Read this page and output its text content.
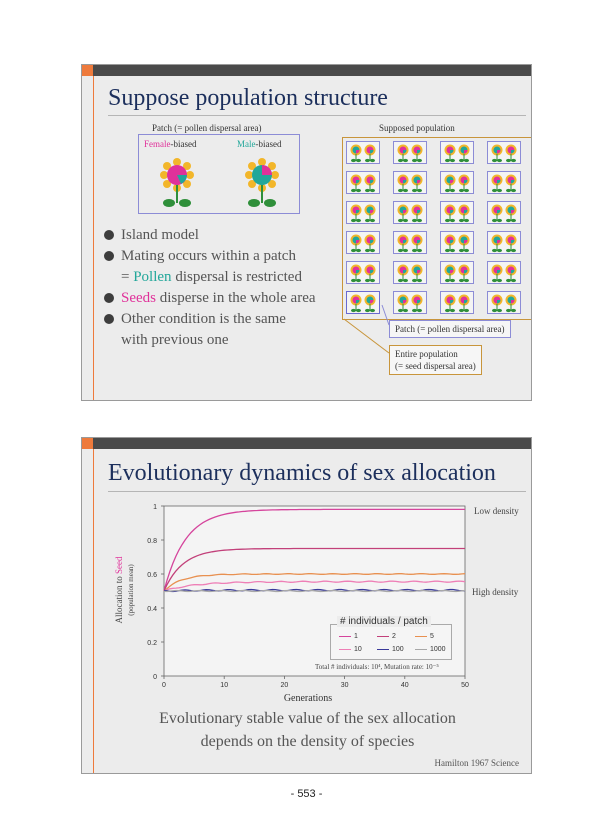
Suppose population structure
Patch (= pollen dispersal area)
Female-biased	Male-biased
Island model
Mating occurs within a patch
= Pollen dispersal is restricted
Seeds disperse in the whole area
Other condition is the same
with previous one
Supposed population
Patch (= pollen dispersal area)
Entire population
(= seed dispersal area)
Evolutionary dynamics of sex allocation
Allocation to Seed (population mean)
Generations
0
0.2
0.4
0.6
0.8
1
0	10	20	30	40	50
Low density
High density
# individuals / patch
1	2	5
10	100	1000
Total # individuals: 10⁴, Mutation rate: 10⁻⁵
Evolutionary stable value of the sex allocation
depends on the density of species
Hamilton 1967 Science
- 553 -
